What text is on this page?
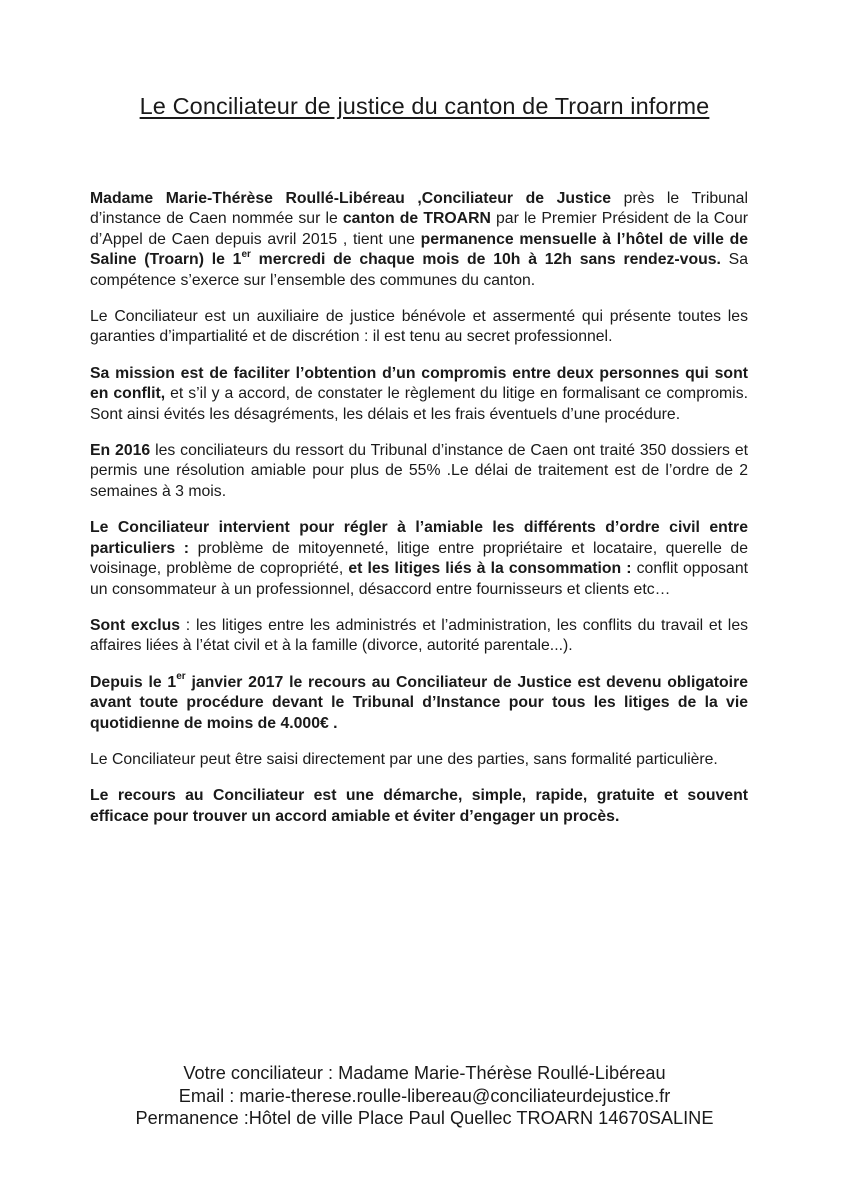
Le Conciliateur de justice du canton de Troarn informe

Madame Marie-Thérèse Roullé-Libéreau ,Conciliateur de Justice près le Tribunal d’instance de Caen nommée sur le canton de TROARN par le Premier Président de la Cour d’Appel de Caen depuis avril 2015 , tient une permanence mensuelle à l’hôtel de ville de Saline (Troarn) le 1er mercredi de chaque mois de 10h à 12h sans rendez-vous. Sa compétence s’exerce sur l’ensemble des communes du canton.

Le Conciliateur est un auxiliaire de justice bénévole et assermenté qui présente toutes les garanties d’impartialité et de discrétion : il est tenu au secret professionnel.

Sa mission est de faciliter l’obtention d’un compromis entre deux personnes qui sont en conflit, et s’il y a accord, de constater le règlement du litige en formalisant ce compromis. Sont ainsi évités les désagréments, les délais et les frais éventuels d’une procédure.

En 2016 les conciliateurs du ressort du Tribunal d’instance de Caen ont traité 350 dossiers et permis une résolution amiable pour plus de 55% .Le délai de traitement est de l’ordre de 2 semaines à 3 mois.

Le Conciliateur intervient pour régler à l’amiable les différents d’ordre civil entre particuliers : problème de mitoyenneté, litige entre propriétaire et locataire, querelle de voisinage, problème de copropriété, et les litiges liés à la consommation : conflit opposant un consommateur à un professionnel, désaccord entre fournisseurs et clients etc…

Sont exclus : les litiges entre les administrés et l’administration, les conflits du travail et les affaires liées à l’état civil et à la famille (divorce, autorité parentale...).

Depuis le 1er janvier 2017 le recours au Conciliateur de Justice est devenu obligatoire avant toute procédure devant le Tribunal d’Instance pour tous les litiges de la vie quotidienne de moins de 4.000€ .

Le Conciliateur peut être saisi directement par une des parties, sans formalité particulière.

Le recours au Conciliateur est une démarche, simple, rapide, gratuite et souvent efficace pour trouver un accord amiable et éviter d’engager un procès.

Votre conciliateur : Madame Marie-Thérèse Roullé-Libéreau
Email : marie-therese.roulle-libereau@conciliateurdejustice.fr
Permanence :Hôtel de ville Place Paul Quellec TROARN 14670SALINE
